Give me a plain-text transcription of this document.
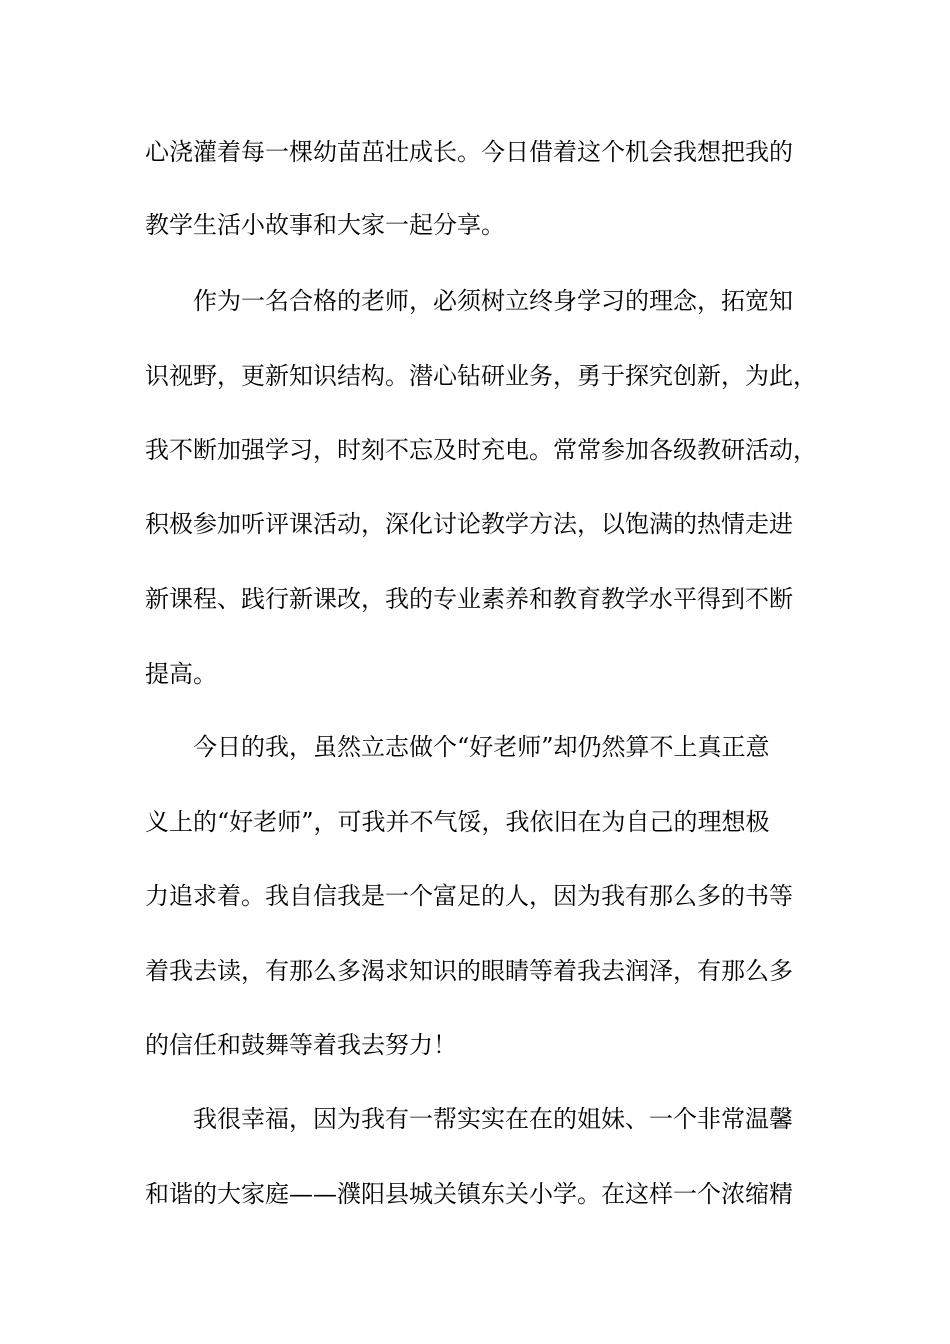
心浇灌着每一棵幼苗茁壮成长。今日借着这个机会我想把我的
教学生活小故事和大家一起分享。
作为一名合格的老师，必须树立终身学习的理念，拓宽知
识视野，更新知识结构。潜心钻研业务，勇于探究创新，为此，
我不断加强学习，时刻不忘及时充电。常常参加各级教研活动，
积极参加听评课活动，深化讨论教学方法，以饱满的热情走进
新课程、践行新课改，我的专业素养和教育教学水平得到不断
提高。
今日的我，虽然立志做个“好老师”却仍然算不上真正意
义上的“好老师”，可我并不气馁，我依旧在为自己的理想极
力追求着。我自信我是一个富足的人，因为我有那么多的书等
着我去读，有那么多渴求知识的眼睛等着我去润泽，有那么多
的信任和鼓舞等着我去努力！
我很幸福，因为我有一帮实实在在的姐妹、一个非常温馨
和谐的大家庭——濮阳县城关镇东关小学。在这样一个浓缩精
